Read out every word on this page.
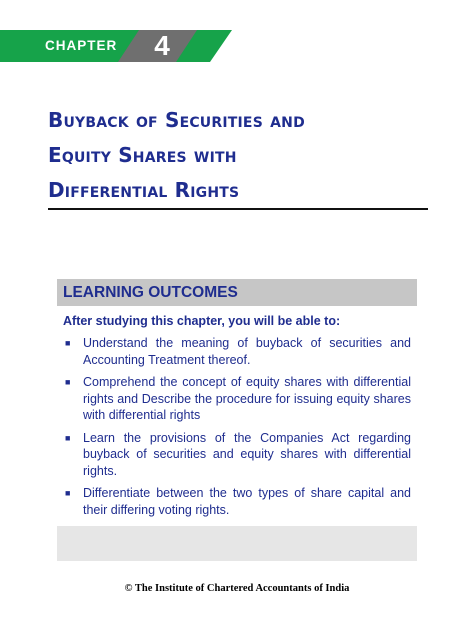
CHAPTER 4
Buyback of Securities and
Equity Shares with
Differential Rights
LEARNING OUTCOMES
After studying this chapter, you will be able to:
■ Understand the meaning of buyback of securities and Accounting Treatment thereof.
■ Comprehend the concept of equity shares with differential rights and Describe the procedure for issuing equity shares with differential rights
■ Learn the provisions of the Companies Act regarding buyback of securities and equity shares with differential rights.
■ Differentiate between the two types of share capital and their differing voting rights.
© The Institute of Chartered Accountants of India
